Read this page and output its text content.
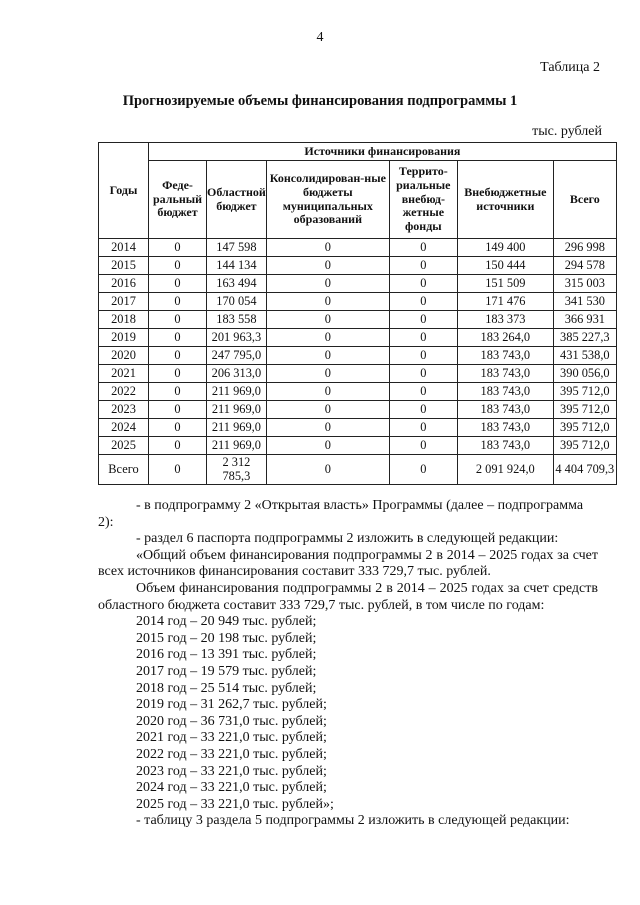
4
Таблица 2
Прогнозируемые объемы финансирования подпрограммы 1
тыс. рублей
Годы	Источники финансирования					
	Феде-ральный бюджет	Областной бюджет	Консолидирован-ные бюджеты муниципальных образований	Террито-риальные внебюд-жетные фонды	Внебюджетные источники	Всего
2014	0	147 598	0	0	149 400	296 998
2015	0	144 134	0	0	150 444	294 578
2016	0	163 494	0	0	151 509	315 003
2017	0	170 054	0	0	171 476	341 530
2018	0	183 558	0	0	183 373	366 931
2019	0	201 963,3	0	0	183 264,0	385 227,3
2020	0	247 795,0	0	0	183 743,0	431 538,0
2021	0	206 313,0	0	0	183 743,0	390 056,0
2022	0	211 969,0	0	0	183 743,0	395 712,0
2023	0	211 969,0	0	0	183 743,0	395 712,0
2024	0	211 969,0	0	0	183 743,0	395 712,0
2025	0	211 969,0	0	0	183 743,0	395 712,0
Всего	0	2 312 785,3	0	0	2 091 924,0	4 404 709,3

- в подпрограмму 2 «Открытая власть» Программы (далее – подпрограмма 2):

- раздел 6 паспорта подпрограммы 2 изложить в следующей редакции:

«Общий объем финансирования подпрограммы 2 в 2014 – 2025 годах за счет

всех источников финансирования составит 333 729,7 тыс. рублей.

Объем финансирования подпрограммы 2 в 2014 – 2025 годах за счет средств

областного бюджета составит 333 729,7 тыс. рублей, в том числе по годам:

2014 год – 20 949 тыс. рублей;

2015 год – 20 198 тыс. рублей;

2016 год – 13 391 тыс. рублей;

2017 год – 19 579 тыс. рублей;

2018 год – 25 514 тыс. рублей;

2019 год – 31 262,7 тыс. рублей;

2020 год – 36 731,0 тыс. рублей;

2021 год – 33 221,0 тыс. рублей;

2022 год – 33 221,0 тыс. рублей;

2023 год – 33 221,0 тыс. рублей;

2024 год – 33 221,0 тыс. рублей;

2025 год – 33 221,0 тыс. рублей»;

- таблицу 3 раздела 5 подпрограммы 2 изложить в следующей редакции:
